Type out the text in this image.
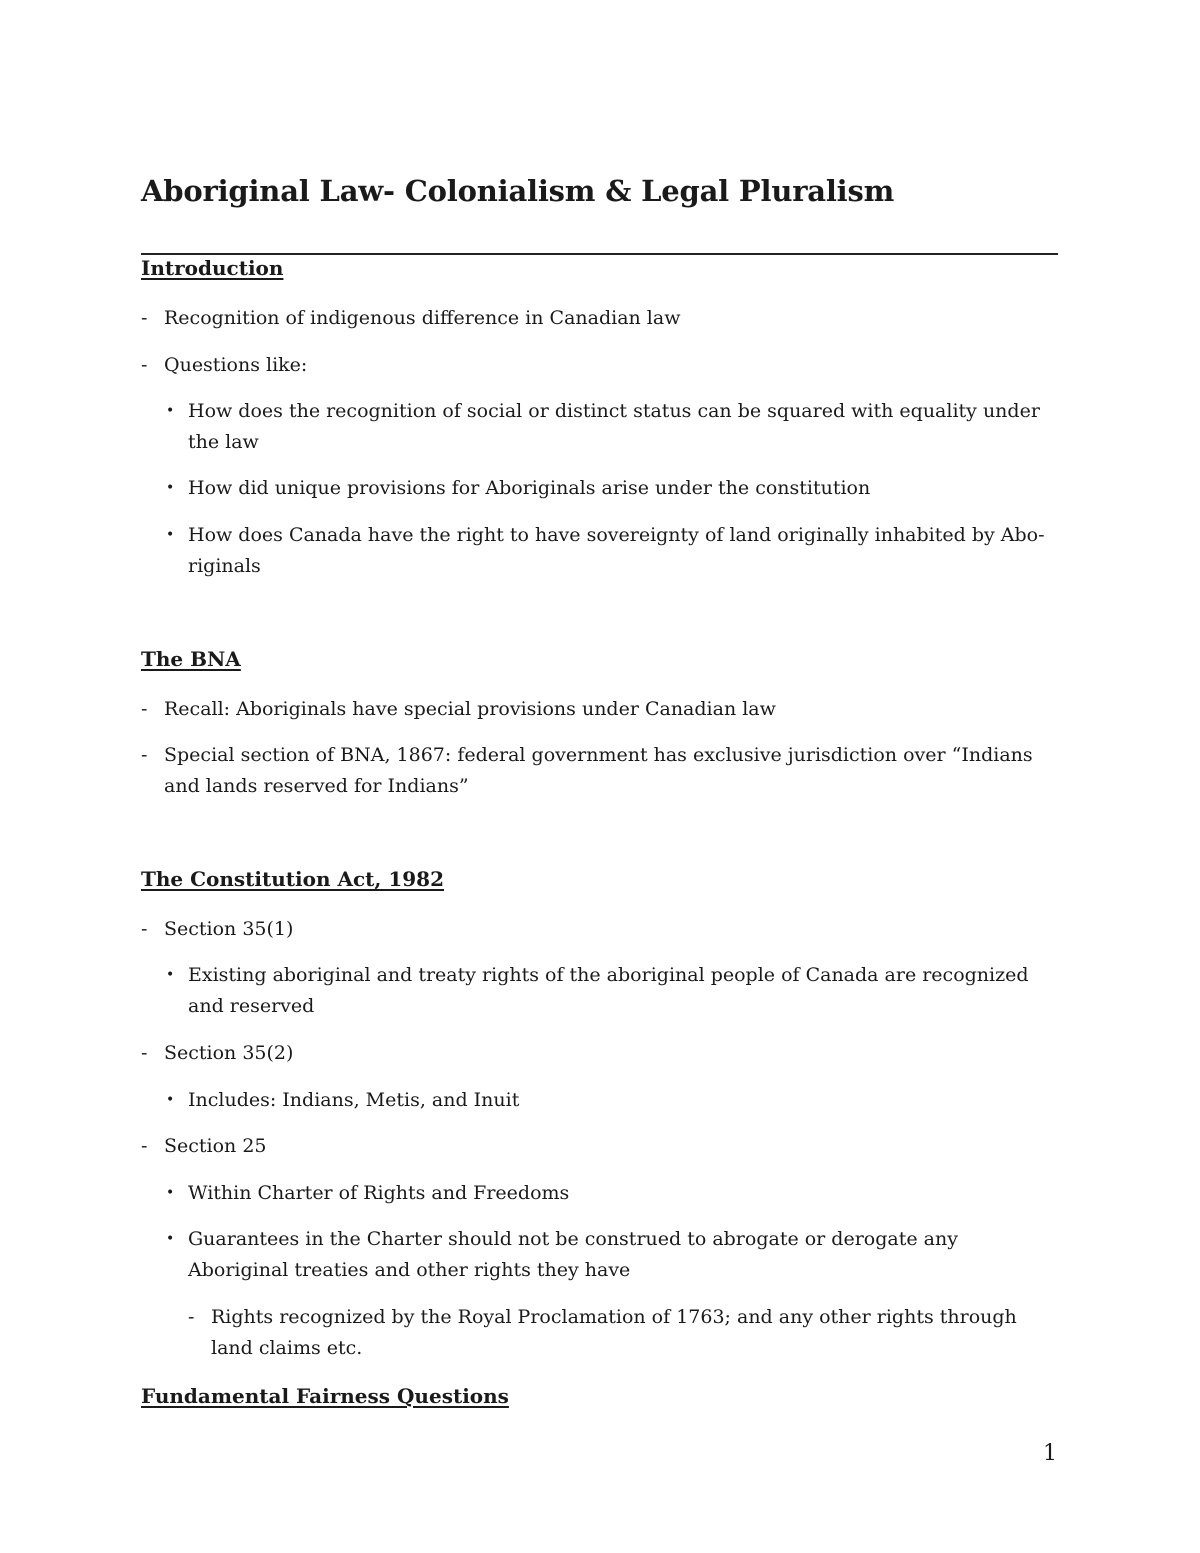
Aboriginal Law- Colonialism & Legal Pluralism
Introduction
- Recognition of indigenous difference in Canadian law
- Questions like:
• How does the recognition of social or distinct status can be squared with equality under the law
• How did unique provisions for Aboriginals arise under the constitution
• How does Canada have the right to have sovereignty of land originally inhabited by Abo-riginals
The BNA
- Recall: Aboriginals have special provisions under Canadian law
- Special section of BNA, 1867: federal government has exclusive jurisdiction over “Indians and lands reserved for Indians”
The Constitution Act, 1982
- Section 35(1)
• Existing aboriginal and treaty rights of the aboriginal people of Canada are recognized and reserved
- Section 35(2)
• Includes: Indians, Metis, and Inuit
- Section 25
• Within Charter of Rights and Freedoms
• Guarantees in the Charter should not be construed to abrogate or derogate any Aboriginal treaties and other rights they have
- Rights recognized by the Royal Proclamation of 1763; and any other rights through land claims etc.
Fundamental Fairness Questions
1
